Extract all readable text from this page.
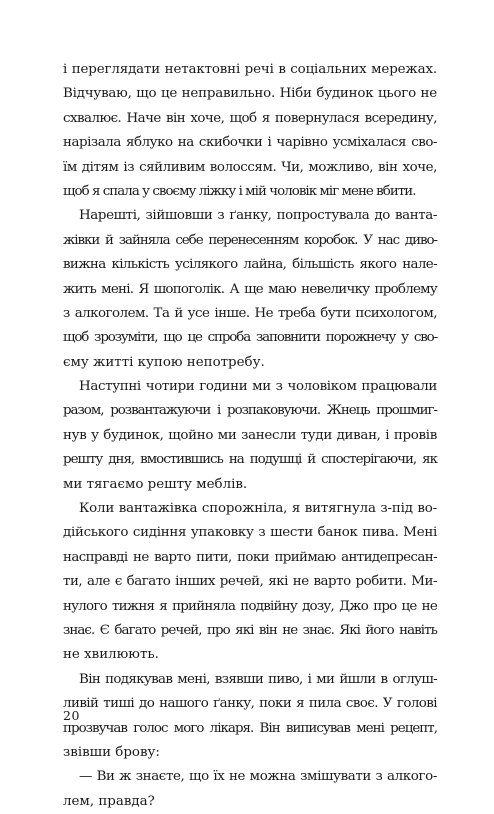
і переглядати нетактовні речі в соціальних мережах.
Відчуваю, що це неправильно. Ніби будинок цього не
схвалює. Наче він хоче, щоб я повернулася всередину,
нарізала яблуко на скибочки і чарівно усміхалася сво-
їм дітям із сяйливим волоссям. Чи, можливо, він хоче,
щоб я спала у своєму ліжку і мій чоловік міг мене вбити.
Нарешті, зійшовши з ґанку, попростувала до вантa-
жівки й зайняла себе перенесенням коробок. У нас диво-
вижна кількість усілякого лайна, більшість якого нале-
жить мені. Я шопоголік. А ще маю невеличку проблему
з алкоголем. Та й усе інше. Не треба бути психологом,
щоб зрозуміти, що це спроба заповнити порожнечу у сво-
єму житті купою непотребу.
Наступні чотири години ми з чоловіком працювали
разом, розвантажуючи і розпаковуючи. Жнець прошмиг-
нув у будинок, щойно ми занесли туди диван, і провів
решту дня, вмостившись на подушці й спостерігаючи, як
ми тягаємо решту меблів.
Коли вантажівка спорожніла, я витягнула з-під во-
дійського сидіння упаковку з шести банок пива. Мені
насправді не варто пити, поки приймаю антидепресан-
ти, але є багато інших речей, які не варто робити. Ми-
нулого тижня я прийняла подвійну дозу, Джо про це не
знає. Є багато речей, про які він не знає. Які його навіть
не хвилюють.
Він подякував мені, взявши пиво, і ми йшли в оглуш-
ливій тиші до нашого ґанку, поки я пила своє. У голові
прозвучав голос мого лікаря. Він виписував мені рецепт,
звівши брову:
— Ви ж знаєте, що їх не можна змішувати з алкого-
лем, правда?
20
